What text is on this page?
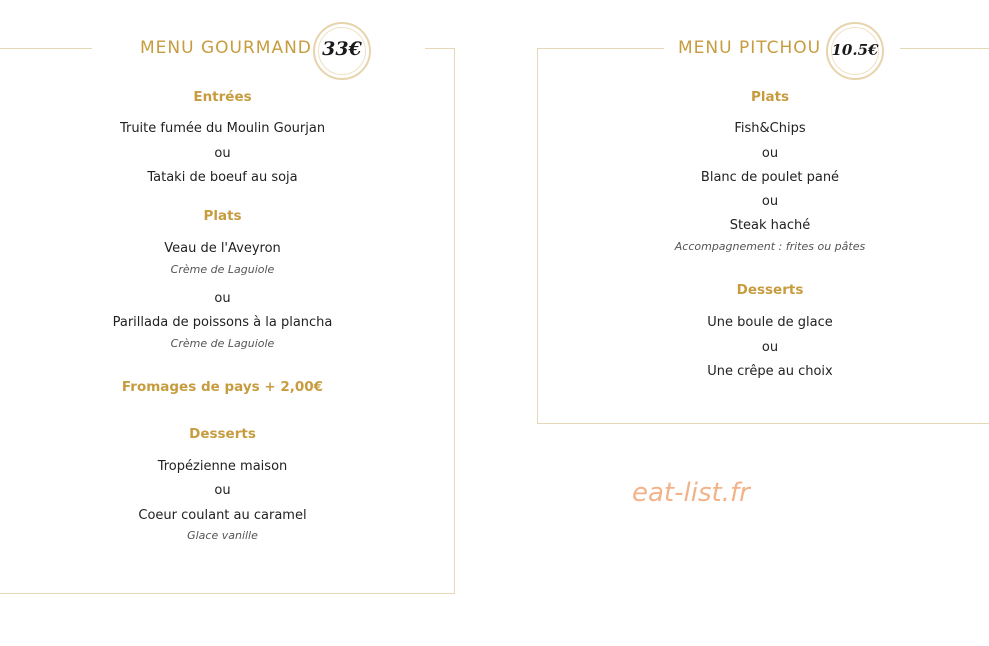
MENU GOURMAND 33€
Entrées
Truite fumée du Moulin Gourjan
ou
Tataki de boeuf au soja
Plats
Veau de l'Aveyron
Crème de Laguiole
ou
Parillada de poissons à la plancha
Crème de Laguiole
Fromages de pays + 2,00€
Desserts
Tropézienne maison
ou
Coeur coulant au caramel
Glace vanille
MENU PITCHOU 10.5€
Plats
Fish&Chips
ou
Blanc de poulet pané
ou
Steak haché
Accompagnement : frites ou pâtes
Desserts
Une boule de glace
ou
Une crêpe au choix
eat-list.fr
